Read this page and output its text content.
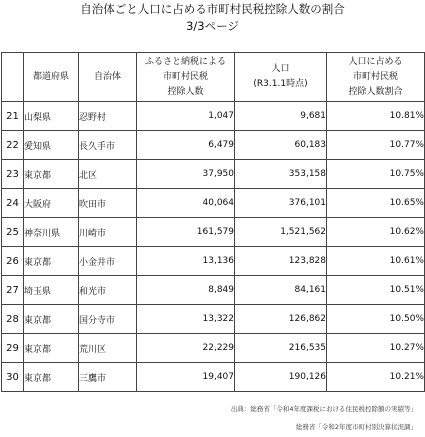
自治体ごと人口に占める市町村民税控除人数の割合
3/3ページ
	都道府県	自治体	ふるさと納税による
市町村民税
控除人数	人口
(R3.1.1時点)	人口に占める
市町村民税
控除人数割合

21	山梨県	忍野村	1,047	9,681	10.81%
22	愛知県	長久手市	6,479	60,183	10.77%
23	東京都	北区	37,950	353,158	10.75%
24	大阪府	吹田市	40,064	376,101	10.65%
25	神奈川県	川崎市	161,579	1,521,562	10.62%
26	東京都	小金井市	13,136	123,828	10.61%
27	埼玉県	和光市	8,849	84,161	10.51%
28	東京都	国分寺市	13,322	126,862	10.50%
29	東京都	荒川区	22,229	216,535	10.27%
30	東京都	三鷹市	19,407	190,126	10.21%
出典：総務省「令和4年度課税における住民税控除額の実績等」
総務省「令和2年度市町村別決算状況調」
